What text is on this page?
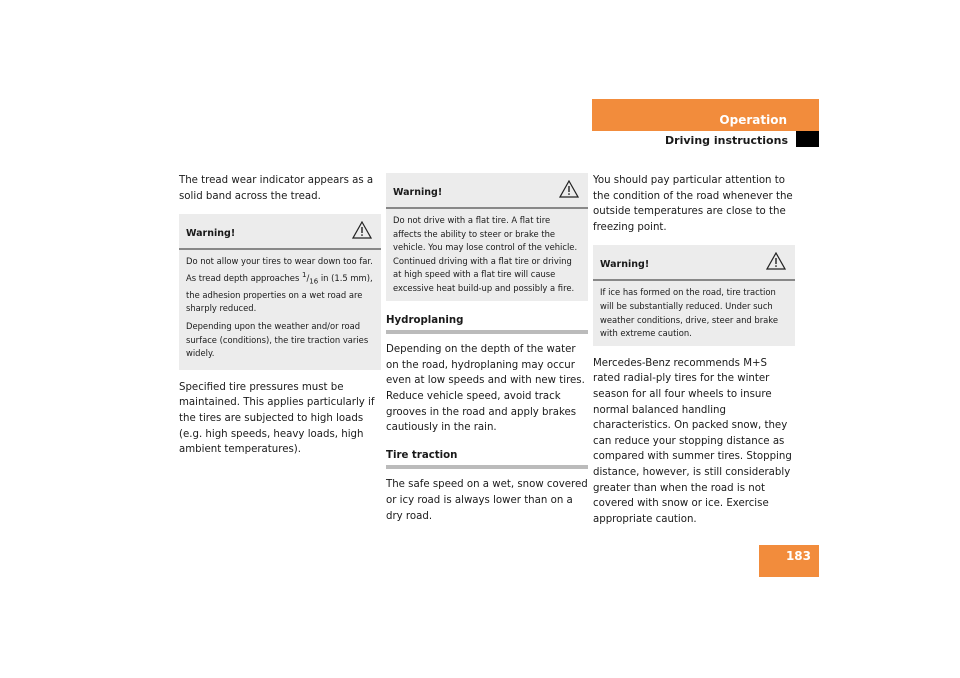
Operation
Driving instructions

The tread wear indicator appears as a solid band across the tread.

Warning!

Do not allow your tires to wear down too far. As tread depth approaches $^1/_{16}$ in (1.5 mm), the adhesion properties on a wet road are sharply reduced.

Depending upon the weather and/or road surface (conditions), the tire traction varies widely.

Specified tire pressures must be maintained. This applies particularly if the tires are subjected to high loads (e.g. high speeds, heavy loads, high ambient temperatures).

Warning!
Do not drive with a flat tire. A flat tire affects the ability to steer or brake the vehicle. You may lose control of the vehicle. Continued driving with a flat tire or driving at high speed with a flat tire will cause excessive heat build-up and possibly a fire.
Hydroplaning

Depending on the depth of the water on the road, hydroplaning may occur even at low speeds and with new tires. Reduce vehicle speed, avoid track grooves in the road and apply brakes cautiously in the rain.

Tire traction

The safe speed on a wet, snow covered or icy road is always lower than on a dry road.

You should pay particular attention to the condition of the road whenever the outside temperatures are close to the freezing point.

Warning!
If ice has formed on the road, tire traction will be substantially reduced. Under such weather conditions, drive, steer and brake with extreme caution.

Mercedes-Benz recommends M+S rated radial-ply tires for the winter season for all four wheels to insure normal balanced handling characteristics. On packed snow, they can reduce your stopping distance as compared with summer tires. Stopping distance, however, is still considerably greater than when the road is not covered with snow or ice. Exercise appropriate caution.

183
